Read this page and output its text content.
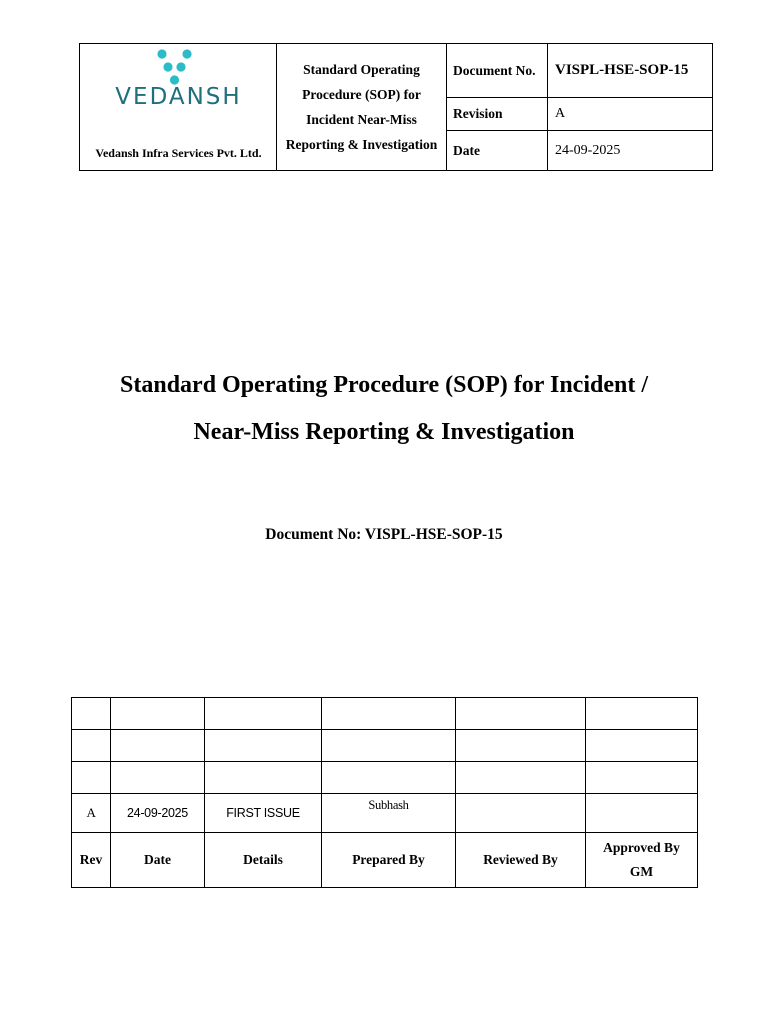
VEDANSH
Vedansh Infra Services Pvt. Ltd.
Standard Operating Procedure (SOP) for Incident Near-Miss Reporting & Investigation
Document No.	VISPL-HSE-SOP-15
Revision	A
Date	24-09-2025
Standard Operating Procedure (SOP) for Incident /
Near-Miss Reporting & Investigation
Document No: VISPL-HSE-SOP-15

A	24-09-2025	FIRST ISSUE	Subhash		
Rev	Date	Details	Prepared By	Reviewed By	Approved By
GM
